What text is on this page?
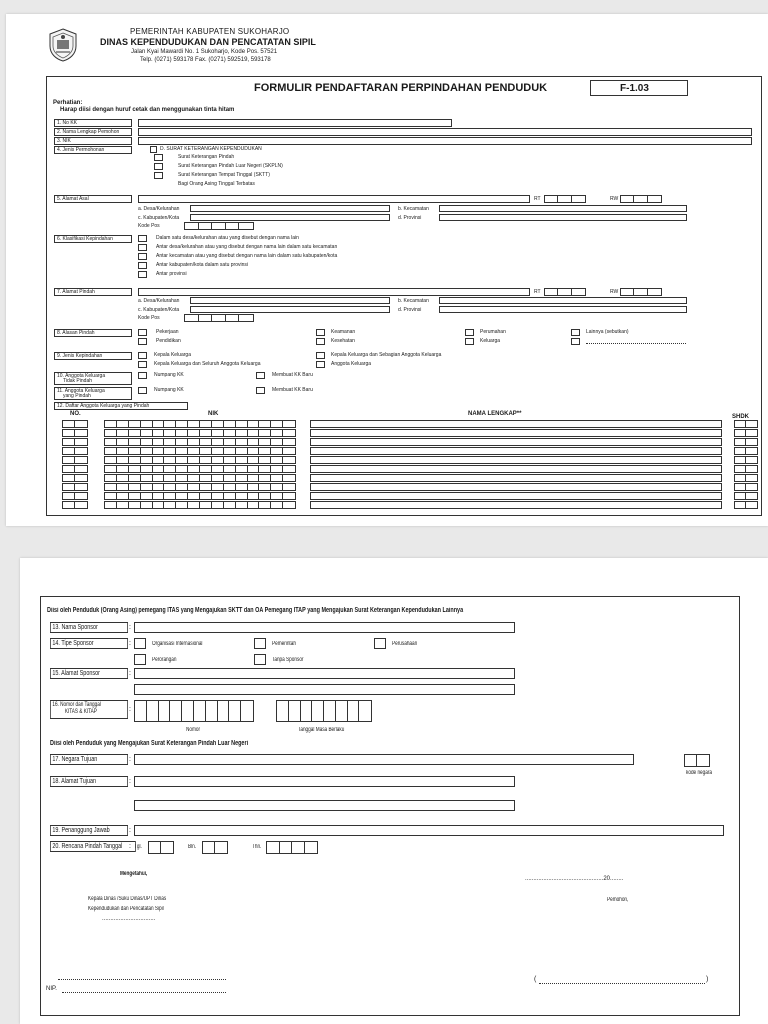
PEMERINTAH KABUPATEN SUKOHARJO
DINAS KEPENDUDUKAN DAN PENCATATAN SIPIL
Jalan Kyai Mawardi No. 1 Sukoharjo, Kode Pos. 57521
Telp. (0271) 593178 Fax. (0271) 592519, 593178
FORMULIR PENDAFTARAN PERPINDAHAN PENDUDUK	F-1.03
Perhatian:
Harap diisi dengan huruf cetak dan menggunakan tinta hitam
1. No KK
2. Nama Lengkap Pemohon
3. NIK
4. Jenis Permohonan	D. SURAT KETERANGAN KEPENDUDUKAN
Surat Keterangan Pindah
Surat Keterangan Pindah Luar Negeri (SKPLN)
Surat Keterangan Tempat Tinggal (SKTT)
Bagi Orang Asing Tinggal Terbatas
5. Alamat Asal	RT	RW
a. Desa/Kelurahan	b. Kecamatan
c. Kabupaten/Kota	d. Provinsi
Kode Pos
6. Klasifikasi Kepindahan	Dalam satu desa/kelurahan atau yang disebut dengan nama lain
Antar desa/kelurahan atau yang disebut dengan nama lain dalam satu kecamatan
Antar kecamatan atau yang disebut dengan nama lain dalam satu kabupaten/kota
Antar kabupaten/kota dalam satu provinsi
Antar provinsi
7. Alamat Pindah	RT	RW
a. Desa/Kelurahan	b. Kecamatan
c. Kabupaten/Kota	d. Provinsi
Kode Pos
8. Alasan Pindah	Pekerjaan
Pendidikan
Keamanan
Kesehatan
Perumahan
Keluarga
Lainnya (sebutkan)
9. Jenis Kepindahan	Kepala Keluarga
Kepala Keluarga dan Seluruh Anggota Keluarga
Kepala Keluarga dan Sebagian Anggota Keluarga
Anggota Keluarga
10. Anggota Keluarga
Tidak Pindah
Numpang KK	Membuat KK Baru
11. Anggota Keluarga
yang Pindah
Numpang KK	Membuat KK Baru
12. Daftar Anggota Keluarga yang Pindah
NO.	NIK	NAMA LENGKAP**	SHDK
Diisi oleh Penduduk (Orang Asing) pemegang ITAS yang Mengajukan SKTT dan OA Pemegang ITAP yang Mengajukan Surat Keterangan Kependudukan Lainnya
13. Nama Sponsor	:
14. Tipe Sponsor	:	Organisasi Internasional	Pemerintah	Perusahaan
Perorangan	Tanpa Sponsor
15. Alamat Sponsor	:
16. Nomor dan Tanggal
KITAS & KITAP	:
Nomor	Tanggal Masa Berlaku
Diisi oleh Penduduk yang Mengajukan Surat Keterangan Pindah Luar Negeri
17. Negara Tujuan	:
kode negara
18. Alamat Tujuan	:
19. Penanggung Jawab	:
20. Rencana Pindah Tanggal : Tgl.	Bln.	Thn.
Mengetahui,
...............................................20........
Kepala Dinas /Suku Dinas/UPT Dinas
Kependudukan dan Pencatatan Sipil
................................
Pemohon,
NIP.
(	)
